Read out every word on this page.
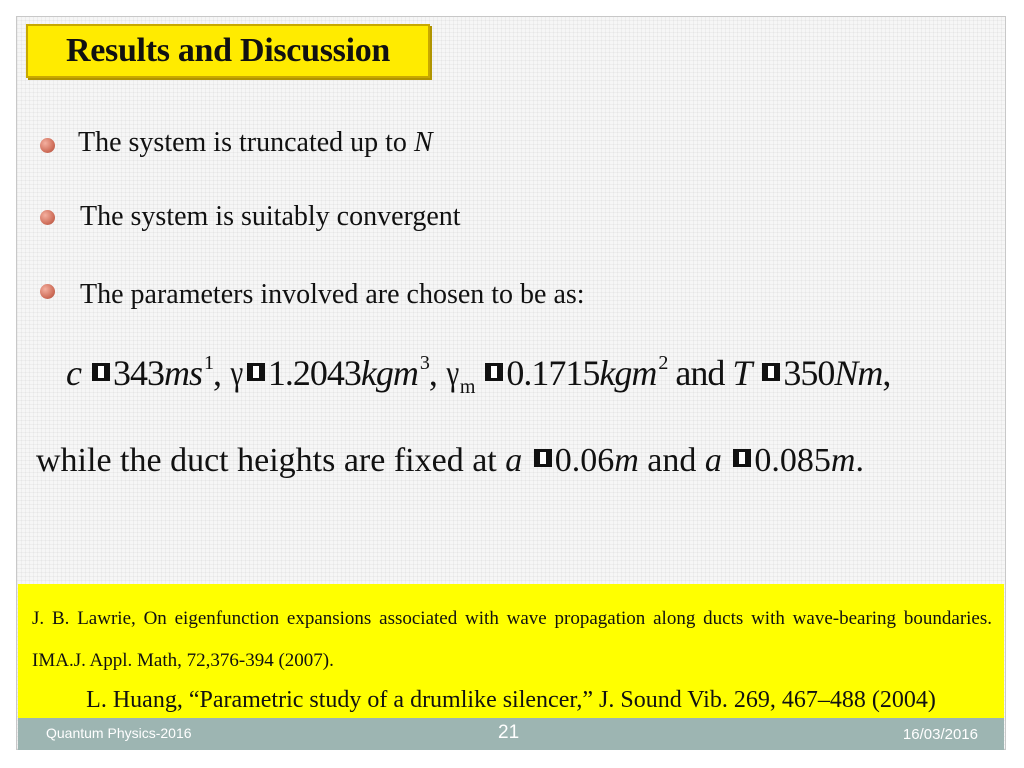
Results and Discussion
The system is truncated up to N
The system is suitably convergent
The parameters involved are chosen to be as:
c 343ms $^1$, γ 1.2043kgm $^3$, $\gamma_m$ 0.1715kgm $^2$ and T 350Nm,
while the duct heights are fixed at a 0.06m and a 0.085m.
J. B. Lawrie, On eigenfunction expansions associated with wave propagation along ducts with wave-bearing boundaries. IMA.J. Appl. Math, 72,376-394 (2007).
L. Huang, “Parametric study of a drumlike silencer,” J. Sound Vib. 269, 467–488 (2004)
Quantum Physics-2016	21	16/03/2016
